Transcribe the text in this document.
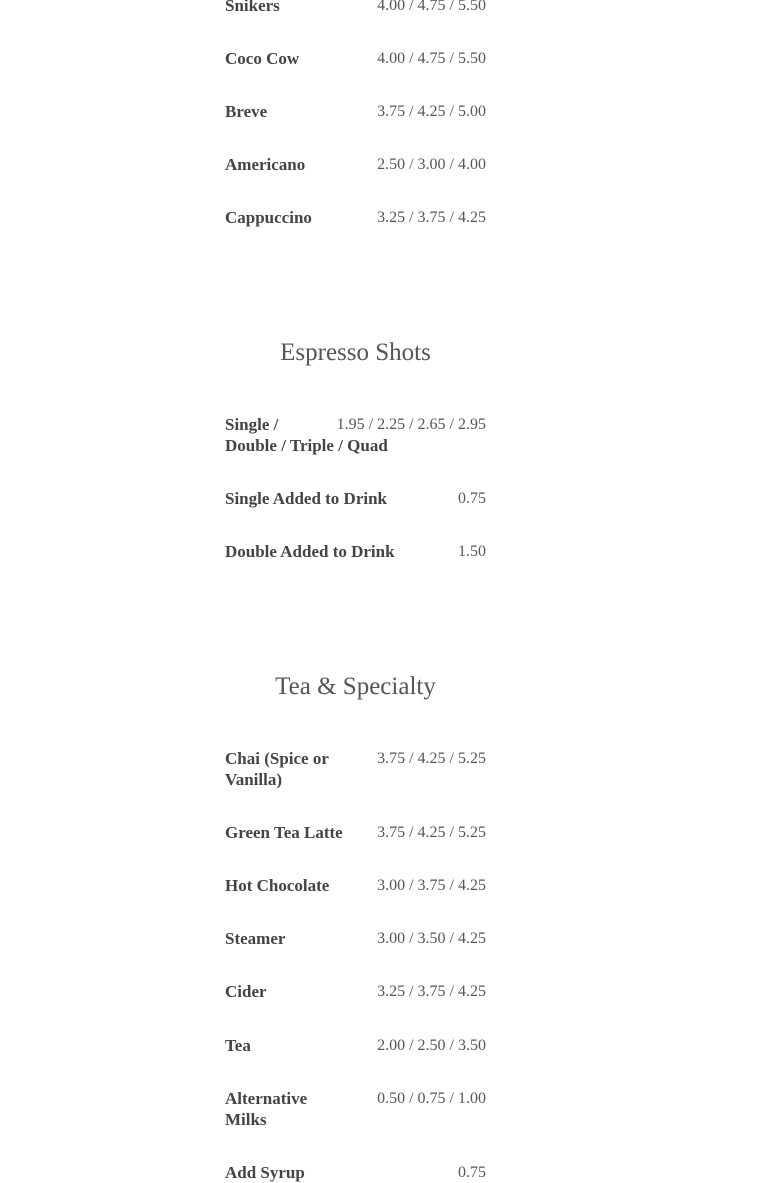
Snikers	4.00 / 4.75 / 5.50
Coco Cow	4.00 / 4.75 / 5.50
Breve	3.75 / 4.25 / 5.00
Americano	2.50 / 3.00 / 4.00
Cappuccino	3.25 / 3.75 / 4.25
Espresso Shots
Single /
Double / Triple / Quad
1.95 / 2.25 / 2.65 / 2.95
Single Added to Drink	0.75
Double Added to Drink	1.50
Tea & Specialty
Chai (Spice or
Vanilla)
3.75 / 4.25 / 5.25
Green Tea Latte 3.75 / 4.25 / 5.25
Hot Chocolate	3.00 / 3.75 / 4.25
Steamer	3.00 / 3.50 / 4.25
Cider	3.25 / 3.75 / 4.25
Tea	2.00 / 2.50 / 3.50
Alternative
Milks
0.50 / 0.75 / 1.00
Add Syrup	0.75
